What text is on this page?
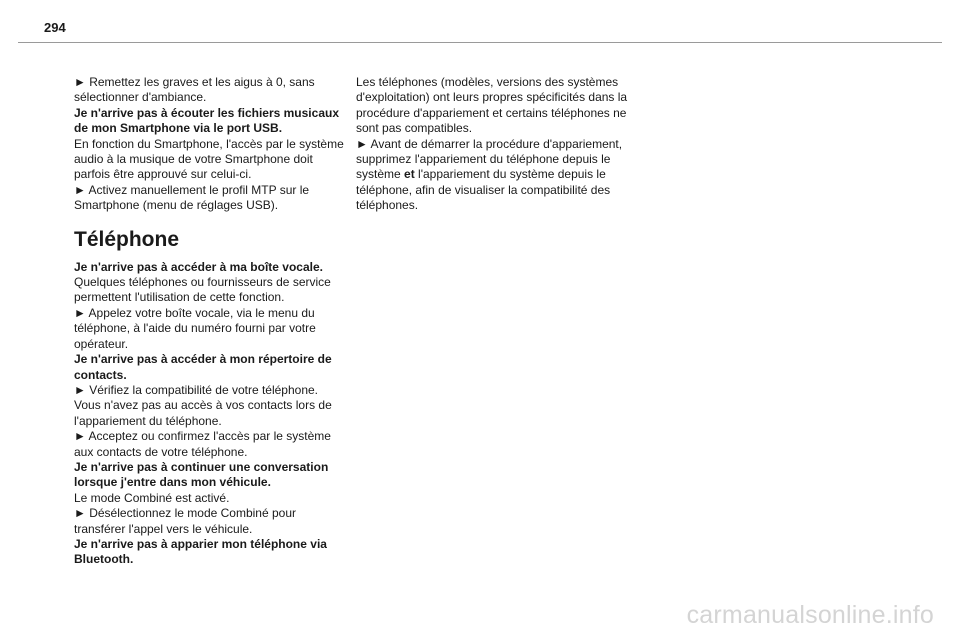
294

► Remettez les graves et les aigus à 0, sans sélectionner d'ambiance.

Je n'arrive pas à écouter les fichiers musicaux de mon Smartphone via le port USB.

En fonction du Smartphone, l'accès par le système audio à la musique de votre Smartphone doit parfois être approuvé sur celui-ci.

► Activez manuellement le profil MTP sur le Smartphone (menu de réglages USB).

Téléphone

Je n'arrive pas à accéder à ma boîte vocale.

Quelques téléphones ou fournisseurs de service permettent l'utilisation de cette fonction.

► Appelez votre boîte vocale, via le menu du téléphone, à l'aide du numéro fourni par votre opérateur.

Je n'arrive pas à accéder à mon répertoire de contacts.

► Vérifiez la compatibilité de votre téléphone.

Vous n'avez pas au accès à vos contacts lors de l'appariement du téléphone.

► Acceptez ou confirmez l'accès par le système aux contacts de votre téléphone.

Je n'arrive pas à continuer une conversation lorsque j'entre dans mon véhicule.

Le mode Combiné est activé.

► Désélectionnez le mode Combiné pour transférer l'appel vers le véhicule.

Je n'arrive pas à apparier mon téléphone via Bluetooth.

Les téléphones (modèles, versions des systèmes d'exploitation) ont leurs propres spécificités dans la procédure d'appariement et certains téléphones ne sont pas compatibles.

► Avant de démarrer la procédure d'appariement, supprimez l'appariement du téléphone depuis le système et l'appariement du système depuis le téléphone, afin de visualiser la compatibilité des téléphones.

carmanualsonline.info
